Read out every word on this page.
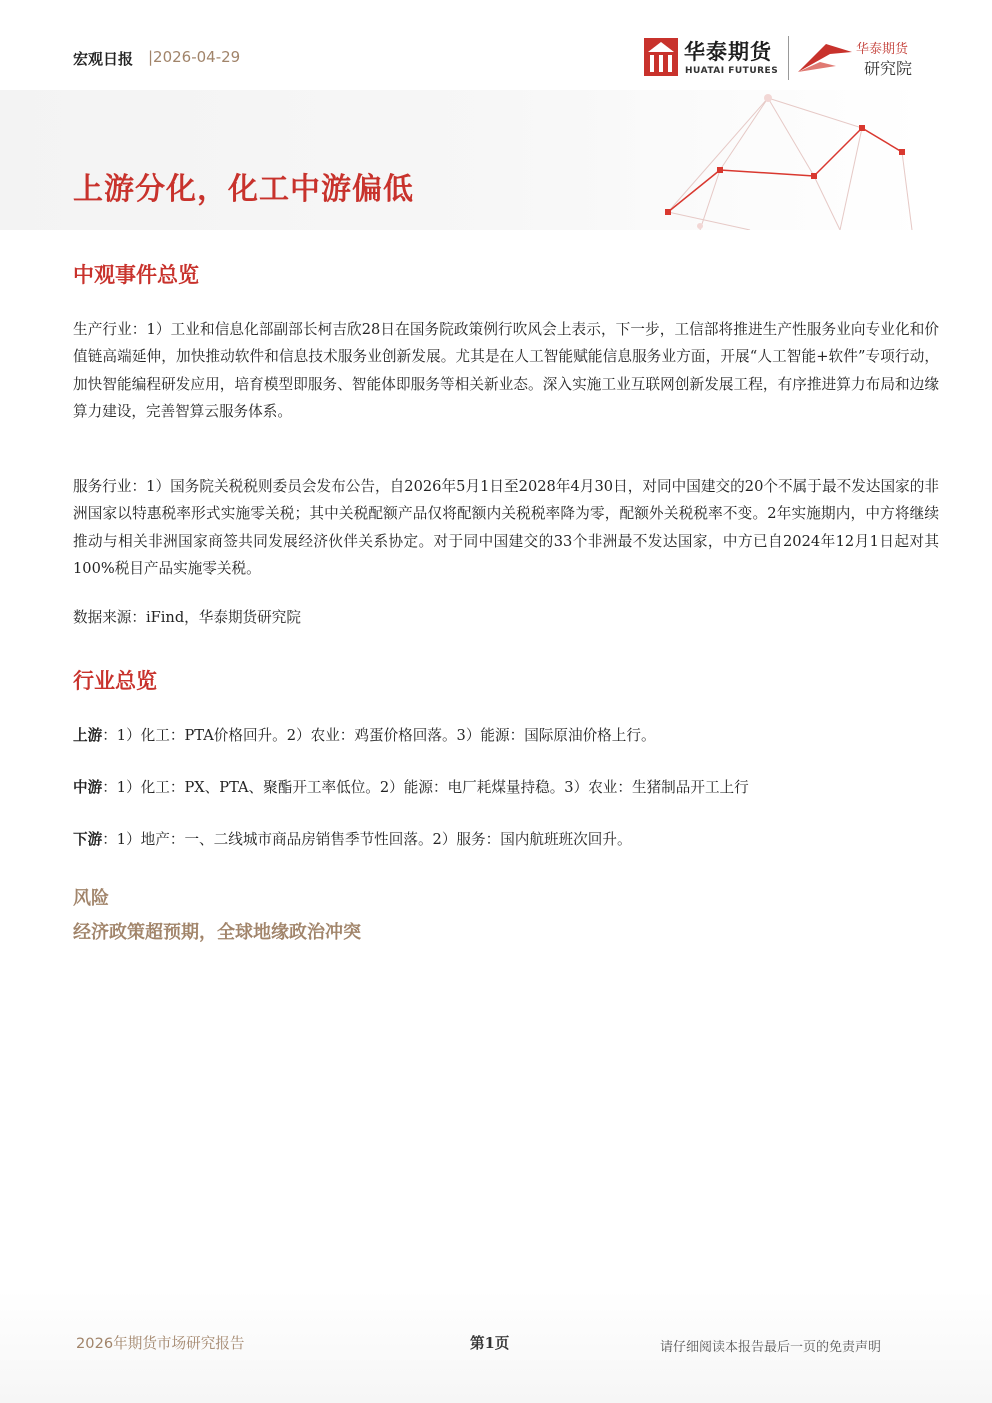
宏观日报 |2026-04-29	华泰期货
HUATAI FUTURES
华泰期货
研究院
上游分化，化工中游偏低
中观事件总览

生产行业：1）工业和信息化部副部长柯吉欣28日在国务院政策例行吹风会上表示，下一步，工信部将推进生产性服务业向专业化和价值链高端延伸，加快推动软件和信息技术服务业创新发展。尤其是在人工智能赋能信息服务业方面，开展“人工智能+软件”专项行动，加快智能编程研发应用，培育模型即服务、智能体即服务等相关新业态。深入实施工业互联网创新发展工程，有序推进算力布局和边缘算力建设，完善智算云服务体系。

服务行业：1）国务院关税税则委员会发布公告，自2026年5月1日至2028年4月30日，对同中国建交的20个不属于最不发达国家的非洲国家以特惠税率形式实施零关税；其中关税配额产品仅将配额内关税税率降为零，配额外关税税率不变。2年实施期内，中方将继续推动与相关非洲国家商签共同发展经济伙伴关系协定。对于同中国建交的33个非洲最不发达国家，中方已自2024年12月1日起对其100%税目产品实施零关税。

数据来源：iFind，华泰期货研究院

行业总览

上游：1）化工：PTA价格回升。2）农业：鸡蛋价格回落。3）能源：国际原油价格上行。

中游：1）化工：PX、PTA、聚酯开工率低位。2）能源：电厂耗煤量持稳。3）农业：生猪制品开工上行

下游：1）地产：一、二线城市商品房销售季节性回落。2）服务：国内航班班次回升。

风险

经济政策超预期，全球地缘政治冲突

2026年期货市场研究报告	第1页	请仔细阅读本报告最后一页的免责声明
